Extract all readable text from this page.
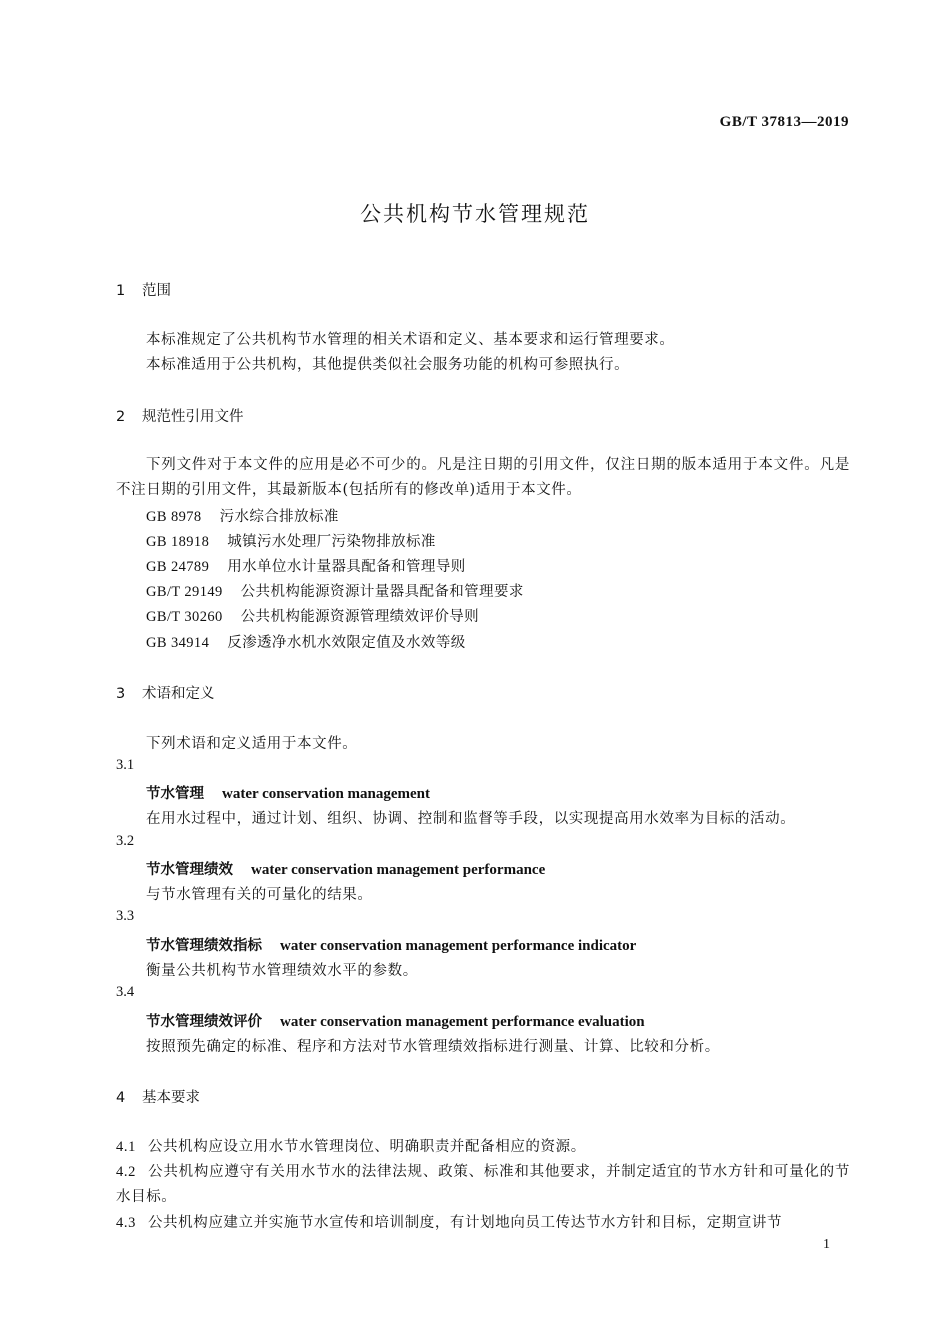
GB/T 37813—2019
公共机构节水管理规范
1 范围
本标准规定了公共机构节水管理的相关术语和定义、基本要求和运行管理要求。
本标准适用于公共机构，其他提供类似社会服务功能的机构可参照执行。
2 规范性引用文件
下列文件对于本文件的应用是必不可少的。凡是注日期的引用文件，仅注日期的版本适用于本文件。凡是不注日期的引用文件，其最新版本(包括所有的修改单)适用于本文件。
GB 8978 污水综合排放标准
GB 18918 城镇污水处理厂污染物排放标准
GB 24789 用水单位水计量器具配备和管理导则
GB/T 29149 公共机构能源资源计量器具配备和管理要求
GB/T 30260 公共机构能源资源管理绩效评价导则
GB 34914 反渗透净水机水效限定值及水效等级
3 术语和定义
下列术语和定义适用于本文件。
3.1
节水管理 water conservation management
在用水过程中，通过计划、组织、协调、控制和监督等手段，以实现提高用水效率为目标的活动。
3.2
节水管理绩效 water conservation management performance
与节水管理有关的可量化的结果。
3.3
节水管理绩效指标 water conservation management performance indicator
衡量公共机构节水管理绩效水平的参数。
3.4
节水管理绩效评价 water conservation management performance evaluation
按照预先确定的标准、程序和方法对节水管理绩效指标进行测量、计算、比较和分析。
4 基本要求
4.1 公共机构应设立用水节水管理岗位、明确职责并配备相应的资源。
4.2 公共机构应遵守有关用水节水的法律法规、政策、标准和其他要求，并制定适宜的节水方针和可量化的节水目标。
4.3 公共机构应建立并实施节水宣传和培训制度，有计划地向员工传达节水方针和目标，定期宣讲节
1
